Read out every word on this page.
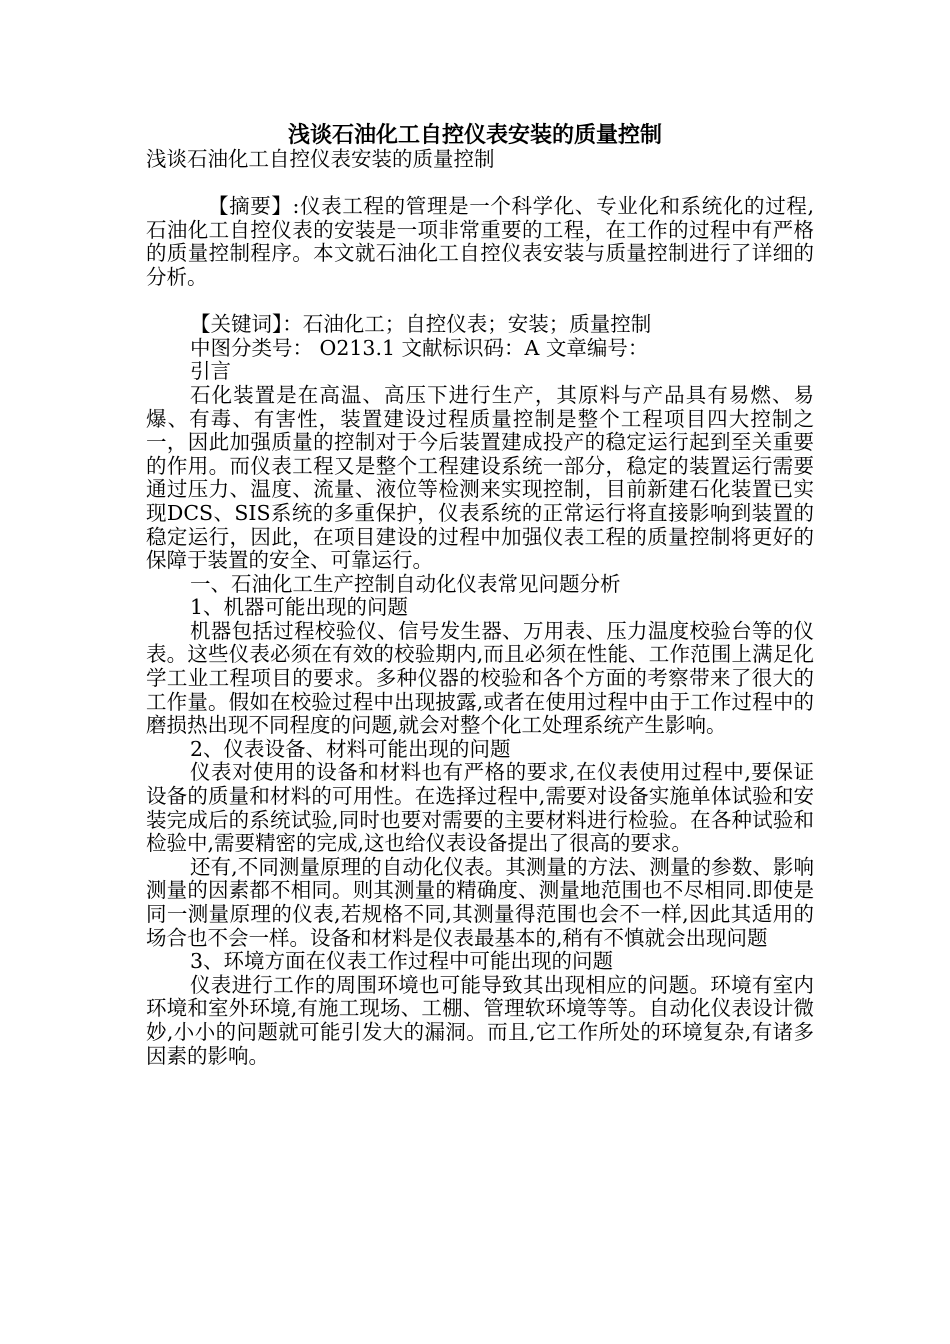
浅谈石油化工自控仪表安装的质量控制

浅谈石油化工自控仪表安装的质量控制

【摘要】:仪表工程的管理是一个科学化、专业化和系统化的过程,石油化工自控仪表的安装是一项非常重要的工程，在工作的过程中有严格的质量控制程序。本文就石油化工自控仪表安装与质量控制进行了详细的分析。

【关键词】：石油化工；自控仪表；安装；质量控制

中图分类号： O213.1 文献标识码：A 文章编号：

引言

石化装置是在高温、高压下进行生产，其原料与产品具有易燃、易爆、有毒、有害性，装置建设过程质量控制是整个工程项目四大控制之一，因此加强质量的控制对于今后装置建成投产的稳定运行起到至关重要的作用。而仪表工程又是整个工程建设系统一部分，稳定的装置运行需要通过压力、温度、流量、液位等检测来实现控制，目前新建石化装置已实现DCS、SIS系统的多重保护，仪表系统的正常运行将直接影响到装置的稳定运行，因此，在项目建设的过程中加强仪表工程的质量控制将更好的保障于装置的安全、可靠运行。

一、石油化工生产控制自动化仪表常见问题分析

1、机器可能出现的问题

机器包括过程校验仪、信号发生器、万用表、压力温度校验台等的仪表。这些仪表必须在有效的校验期内,而且必须在性能、工作范围上满足化学工业工程项目的要求。多种仪器的校验和各个方面的考察带来了很大的工作量。假如在校验过程中出现披露,或者在使用过程中由于工作过程中的磨损热出现不同程度的问题,就会对整个化工处理系统产生影响。

2、仪表设备、材料可能出现的问题

仪表对使用的设备和材料也有严格的要求,在仪表使用过程中,要保证设备的质量和材料的可用性。在选择过程中,需要对设备实施单体试验和安装完成后的系统试验,同时也要对需要的主要材料进行检验。在各种试验和检验中,需要精密的完成,这也给仪表设备提出了很高的要求。

还有,不同测量原理的自动化仪表。其测量的方法、测量的参数、影响测量的因素都不相同。则其测量的精确度、测量地范围也不尽相同.即使是同一测量原理的仪表,若规格不同,其测量得范围也会不一样,因此其适用的场合也不会一样。设备和材料是仪表最基本的,稍有不慎就会出现问题

3、环境方面在仪表工作过程中可能出现的问题

仪表进行工作的周围环境也可能导致其出现相应的问题。环境有室内环境和室外环境,有施工现场、工棚、管理软环境等等。自动化仪表设计微妙,小小的问题就可能引发大的漏洞。而且,它工作所处的环境复杂,有诸多因素的影响。
